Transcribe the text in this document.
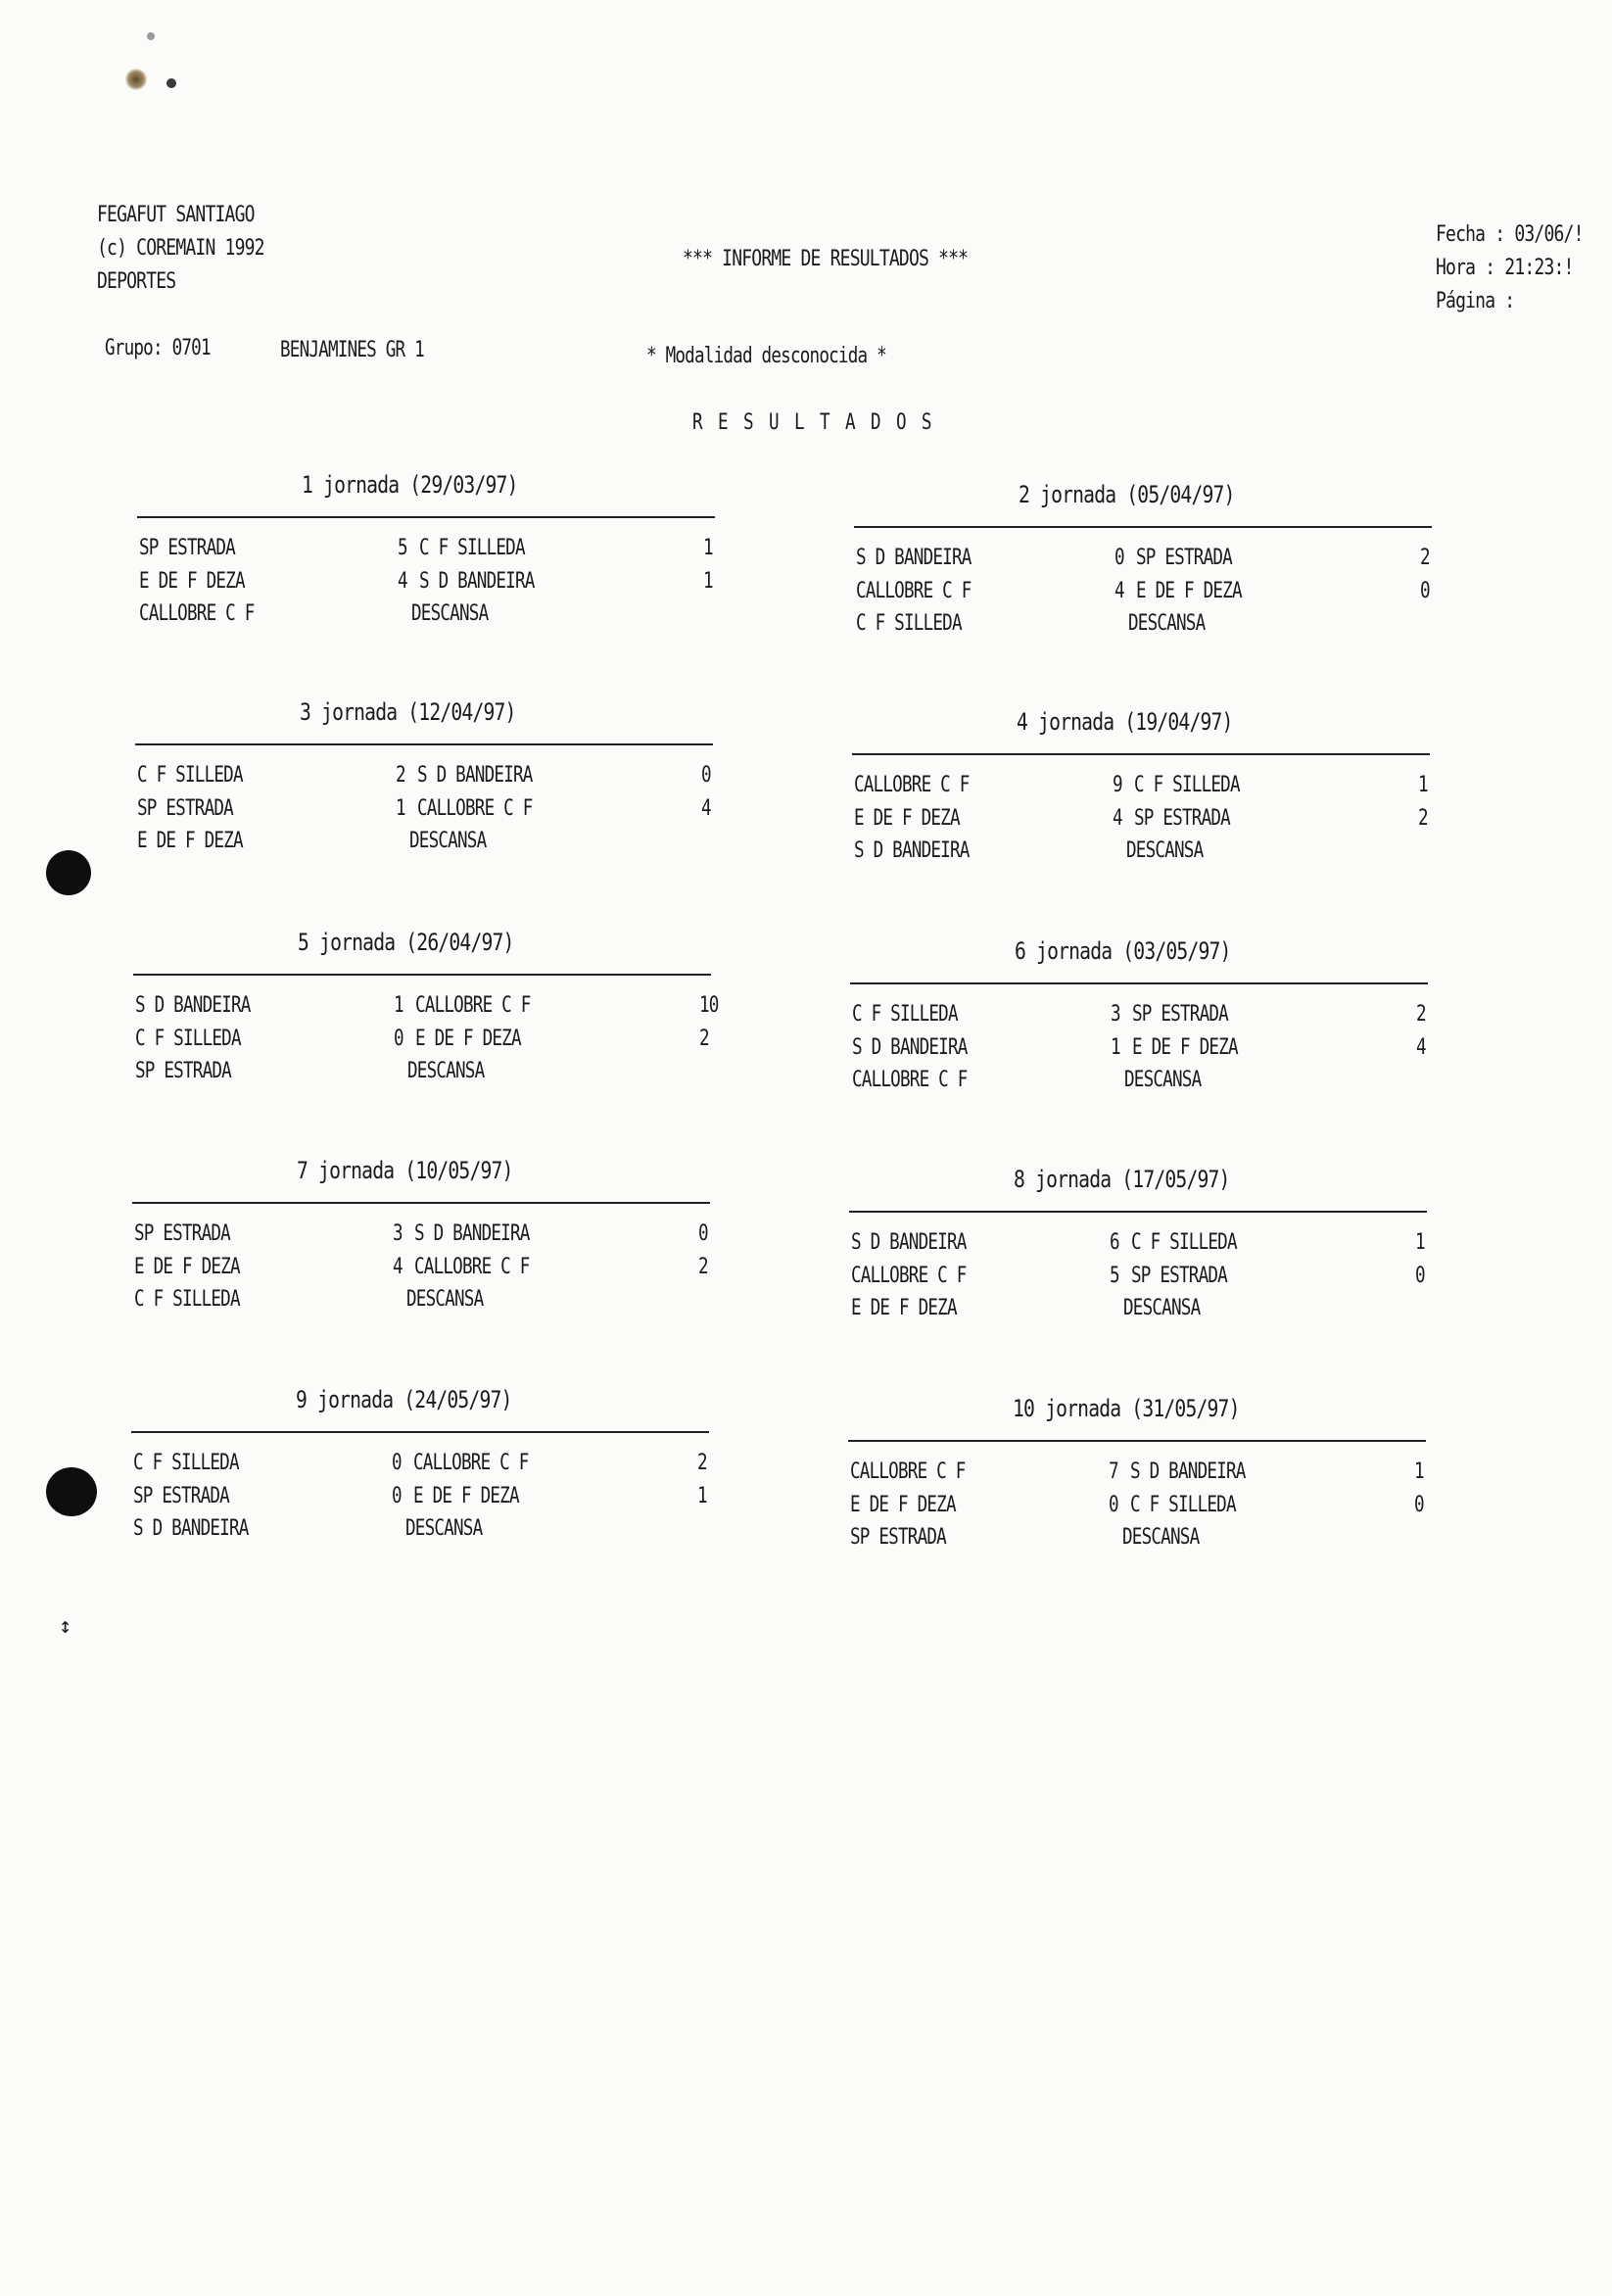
FEGAFUT SANTIAGO
(c) COREMAIN 1992
DEPORTES
*** INFORME DE RESULTADOS ***
Fecha : 03/06/!
Hora : 21:23:!
Página :
Grupo: 0701	BENJAMINES GR 1	* Modalidad desconocida *
R E S U L T A D O S
1 jornada (29/03/97)
SP ESTRADA	5 C F SILLEDA	1
E DE F DEZA	4 S D BANDEIRA	1
CALLOBRE C F	DESCANSA
2 jornada (05/04/97)
S D BANDEIRA	0 SP ESTRADA	2
CALLOBRE C F	4 E DE F DEZA	0
C F SILLEDA	DESCANSA
3 jornada (12/04/97)
C F SILLEDA	2 S D BANDEIRA	0
SP ESTRADA	1 CALLOBRE C F	4
E DE F DEZA	DESCANSA
4 jornada (19/04/97)
CALLOBRE C F	9 C F SILLEDA	1
E DE F DEZA	4 SP ESTRADA	2
S D BANDEIRA	DESCANSA
5 jornada (26/04/97)
S D BANDEIRA	1 CALLOBRE C F	10
C F SILLEDA	0 E DE F DEZA	2
SP ESTRADA	DESCANSA
6 jornada (03/05/97)
C F SILLEDA	3 SP ESTRADA	2
S D BANDEIRA	1 E DE F DEZA	4
CALLOBRE C F	DESCANSA
7 jornada (10/05/97)
SP ESTRADA	3 S D BANDEIRA	0
E DE F DEZA	4 CALLOBRE C F	2
C F SILLEDA	DESCANSA
8 jornada (17/05/97)
S D BANDEIRA	6 C F SILLEDA	1
CALLOBRE C F	5 SP ESTRADA	0
E DE F DEZA	DESCANSA
9 jornada (24/05/97)
C F SILLEDA	0 CALLOBRE C F	2
SP ESTRADA	0 E DE F DEZA	1
S D BANDEIRA	DESCANSA
10 jornada (31/05/97)
CALLOBRE C F	7 S D BANDEIRA	1
E DE F DEZA	0 C F SILLEDA	0
SP ESTRADA	DESCANSA
↕
